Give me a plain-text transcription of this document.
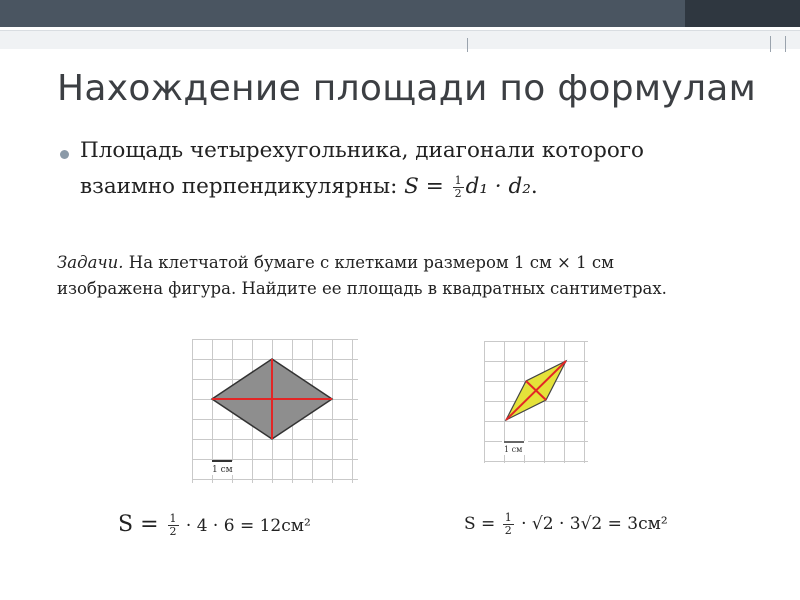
Нахождение площади по формулам
Площадь четырехугольника, диагонали которого
взаимно перпендикулярны: $S = \frac{1}{2} d_1 \cdot d_2$.
Задачи. На клетчатой бумаге с клетками размером 1 см × 1 см
изображена фигура. Найдите ее площадь в квадратных сантиметрах.
1 см
1 см
$S = \frac{1}{2} \cdot 4 \cdot 6 = 12см^2$	$S = \frac{1}{2} \cdot √2 \cdot 3√2 = 3см^2$
